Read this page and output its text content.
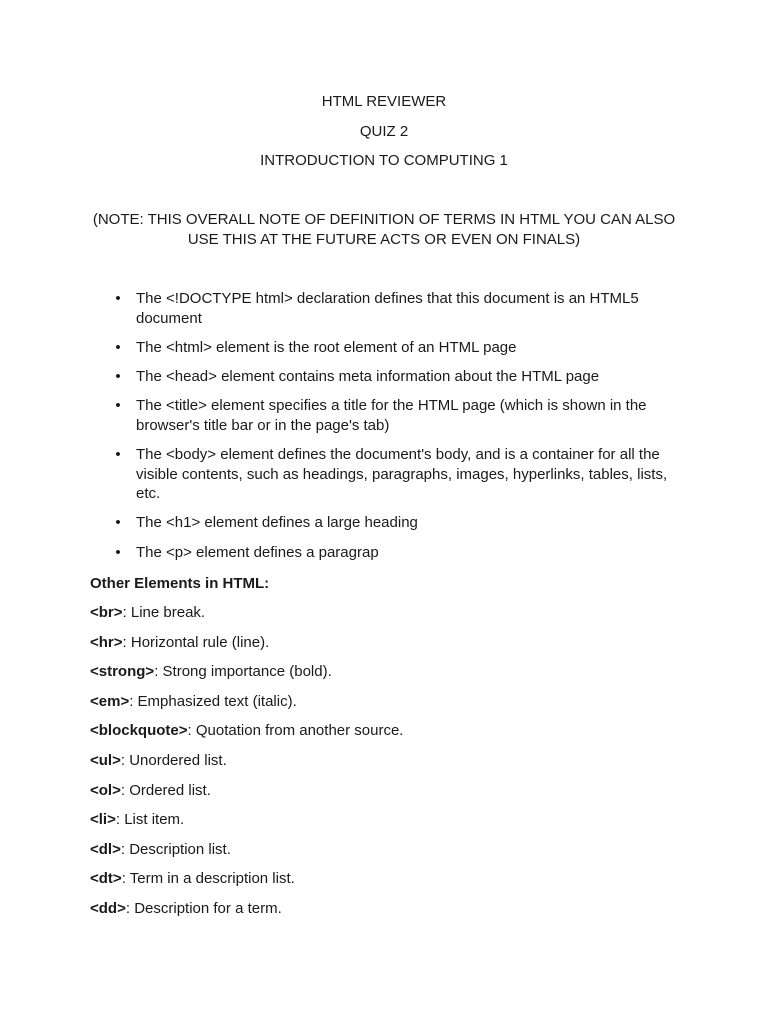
HTML REVIEWER
QUIZ 2
INTRODUCTION TO COMPUTING 1
(NOTE: THIS OVERALL NOTE OF DEFINITION OF TERMS IN HTML YOU CAN ALSO USE THIS AT THE FUTURE ACTS OR EVEN ON FINALS)
• The <!DOCTYPE html> declaration defines that this document is an HTML5 document
• The <html> element is the root element of an HTML page
• The <head> element contains meta information about the HTML page
• The <title> element specifies a title for the HTML page (which is shown in the browser's title bar or in the page's tab)
• The <body> element defines the document's body, and is a container for all the visible contents, such as headings, paragraphs, images, hyperlinks, tables, lists, etc.
• The <h1> element defines a large heading
• The <p> element defines a paragrap
Other Elements in HTML:
<br>: Line break.
<hr>: Horizontal rule (line).
<strong>: Strong importance (bold).
<em>: Emphasized text (italic).
<blockquote>: Quotation from another source.
<ul>: Unordered list.
<ol>: Ordered list.
<li>: List item.
<dl>: Description list.
<dt>: Term in a description list.
<dd>: Description for a term.
